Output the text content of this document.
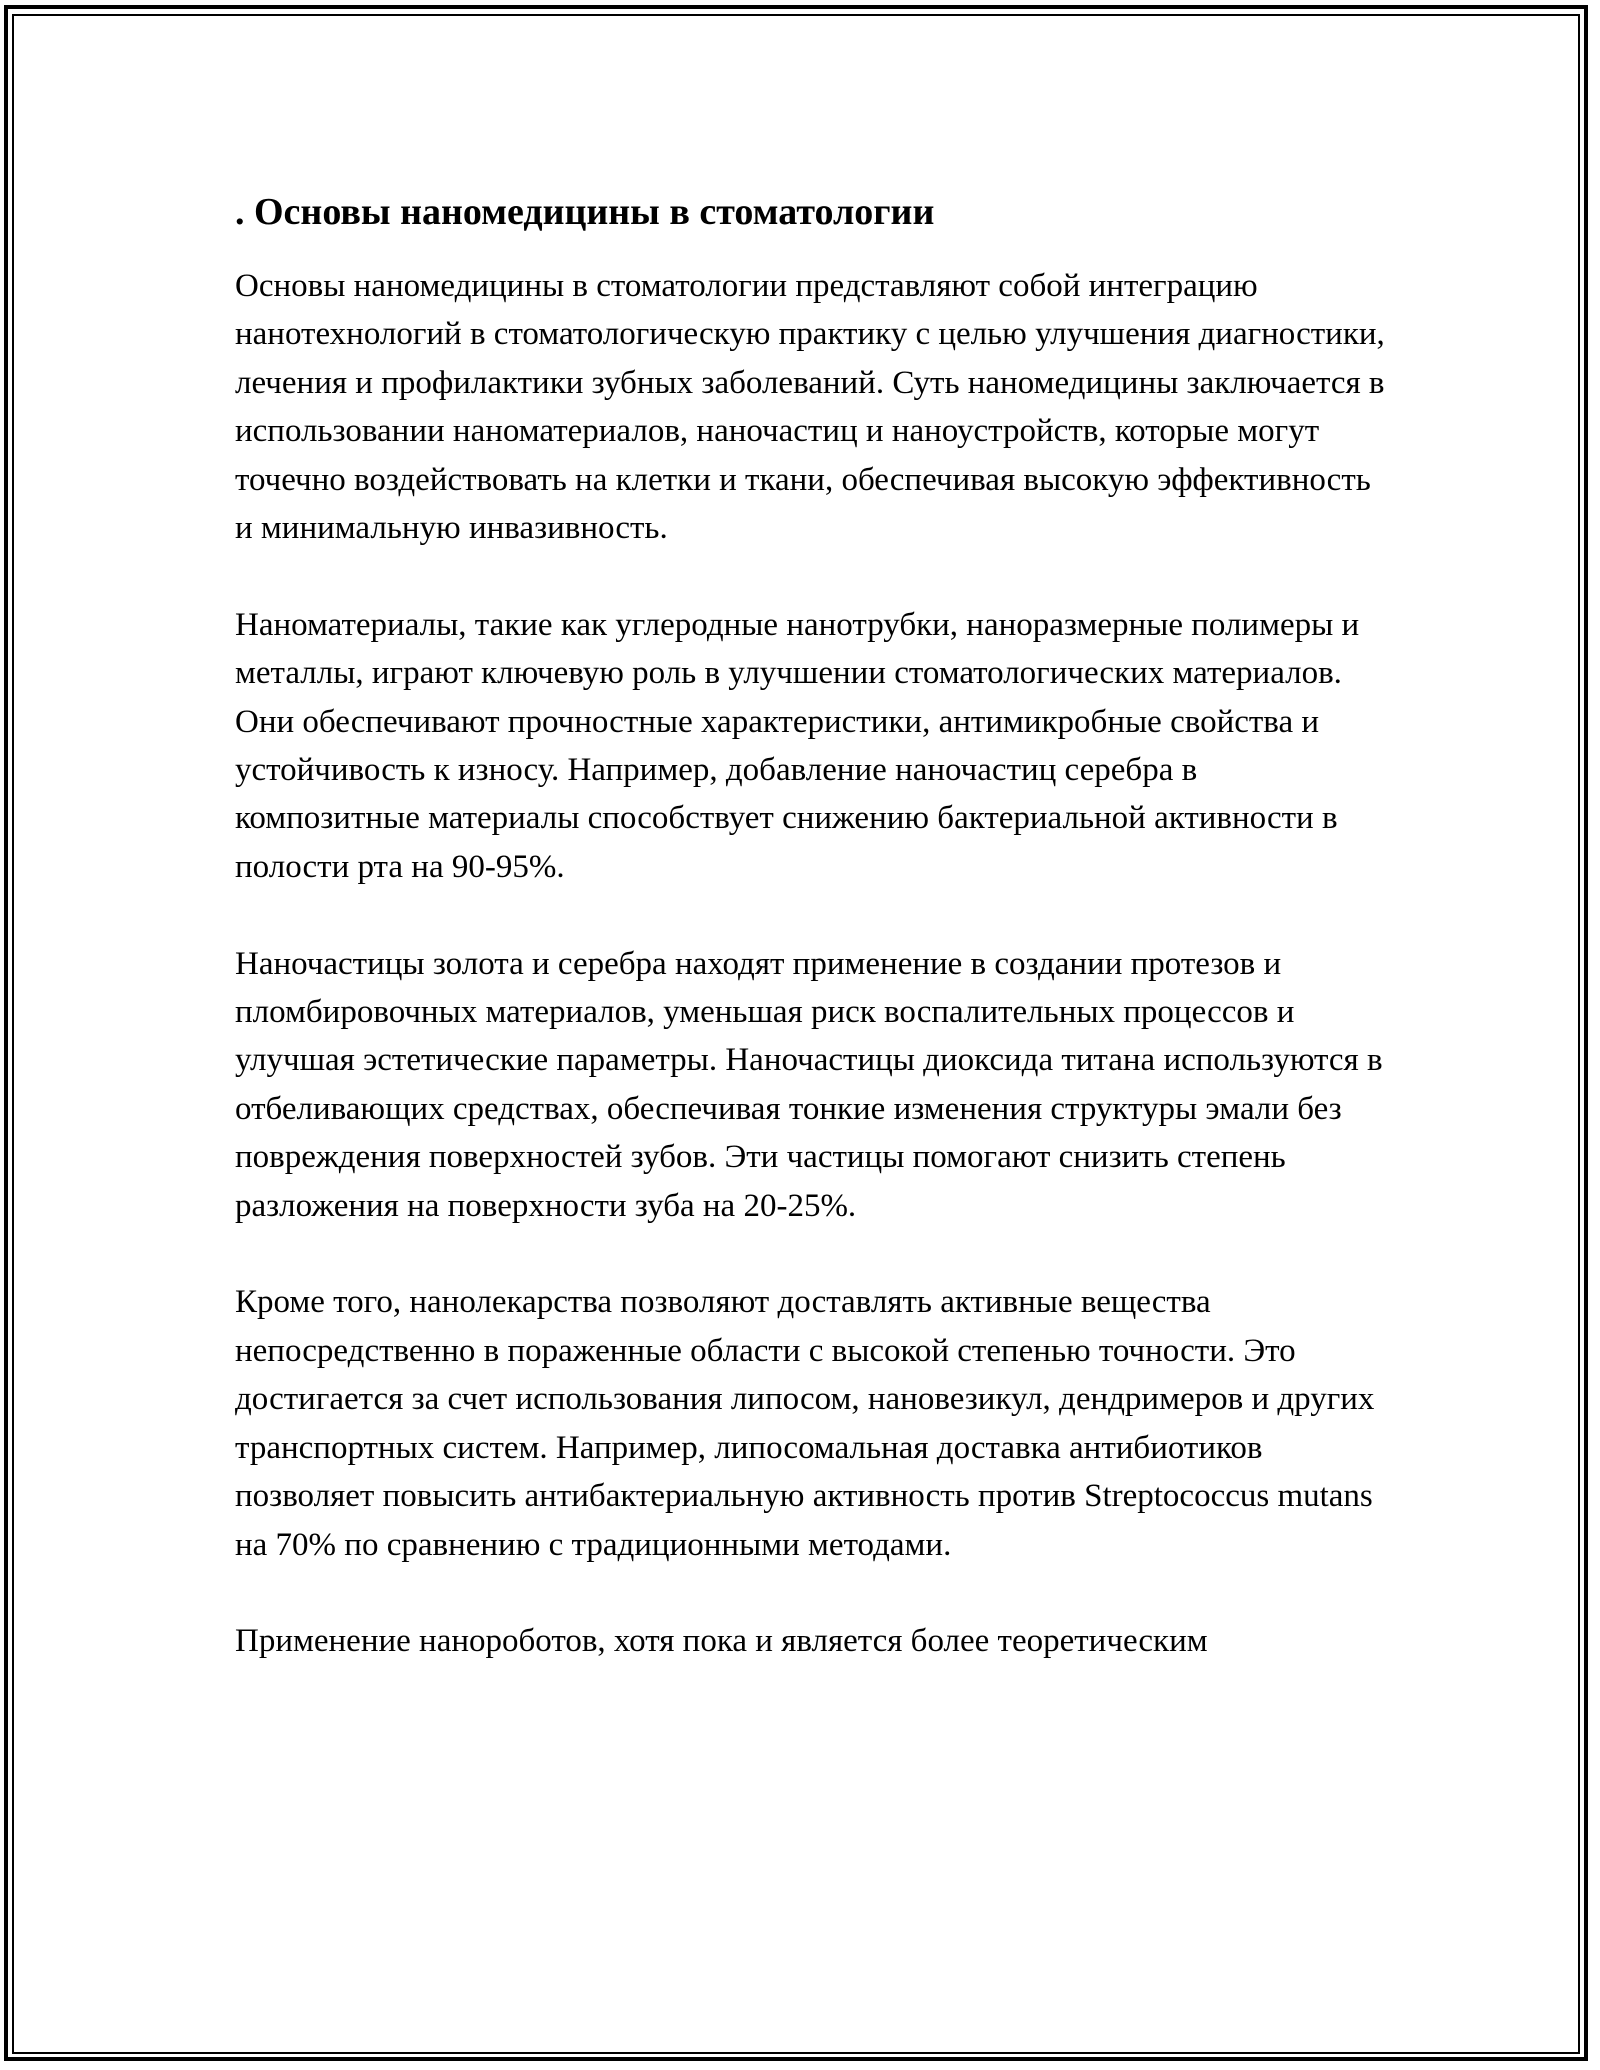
. Основы наномедицины в стоматологии

Основы наномедицины в стоматологии представляют собой интеграцию нанотехнологий в стоматологическую практику с целью улучшения диагностики, лечения и профилактики зубных заболеваний. Суть наномедицины заключается в использовании наноматериалов, наночастиц и наноустройств, которые могут точечно воздействовать на клетки и ткани, обеспечивая высокую эффективность и минимальную инвазивность.

Наноматериалы, такие как углеродные нанотрубки, наноразмерные полимеры и металлы, играют ключевую роль в улучшении стоматологических материалов. Они обеспечивают прочностные характеристики, антимикробные свойства и устойчивость к износу. Например, добавление наночастиц серебра в композитные материалы способствует снижению бактериальной активности в полости рта на 90-95%.

Наночастицы золота и серебра находят применение в создании протезов и пломбировочных материалов, уменьшая риск воспалительных процессов и улучшая эстетические параметры. Наночастицы диоксида титана используются в отбеливающих средствах, обеспечивая тонкие изменения структуры эмали без повреждения поверхностей зубов. Эти частицы помогают снизить степень разложения на поверхности зуба на 20-25%.

Кроме того, нанолекарства позволяют доставлять активные вещества непосредственно в пораженные области с высокой степенью точности. Это достигается за счет использования липосом, нановезикул, дендримеров и других транспортных систем. Например, липосомальная доставка антибиотиков позволяет повысить антибактериальную активность против Streptococcus mutans на 70% по сравнению с традиционными методами.

Применение нанороботов, хотя пока и является более теоретическим
